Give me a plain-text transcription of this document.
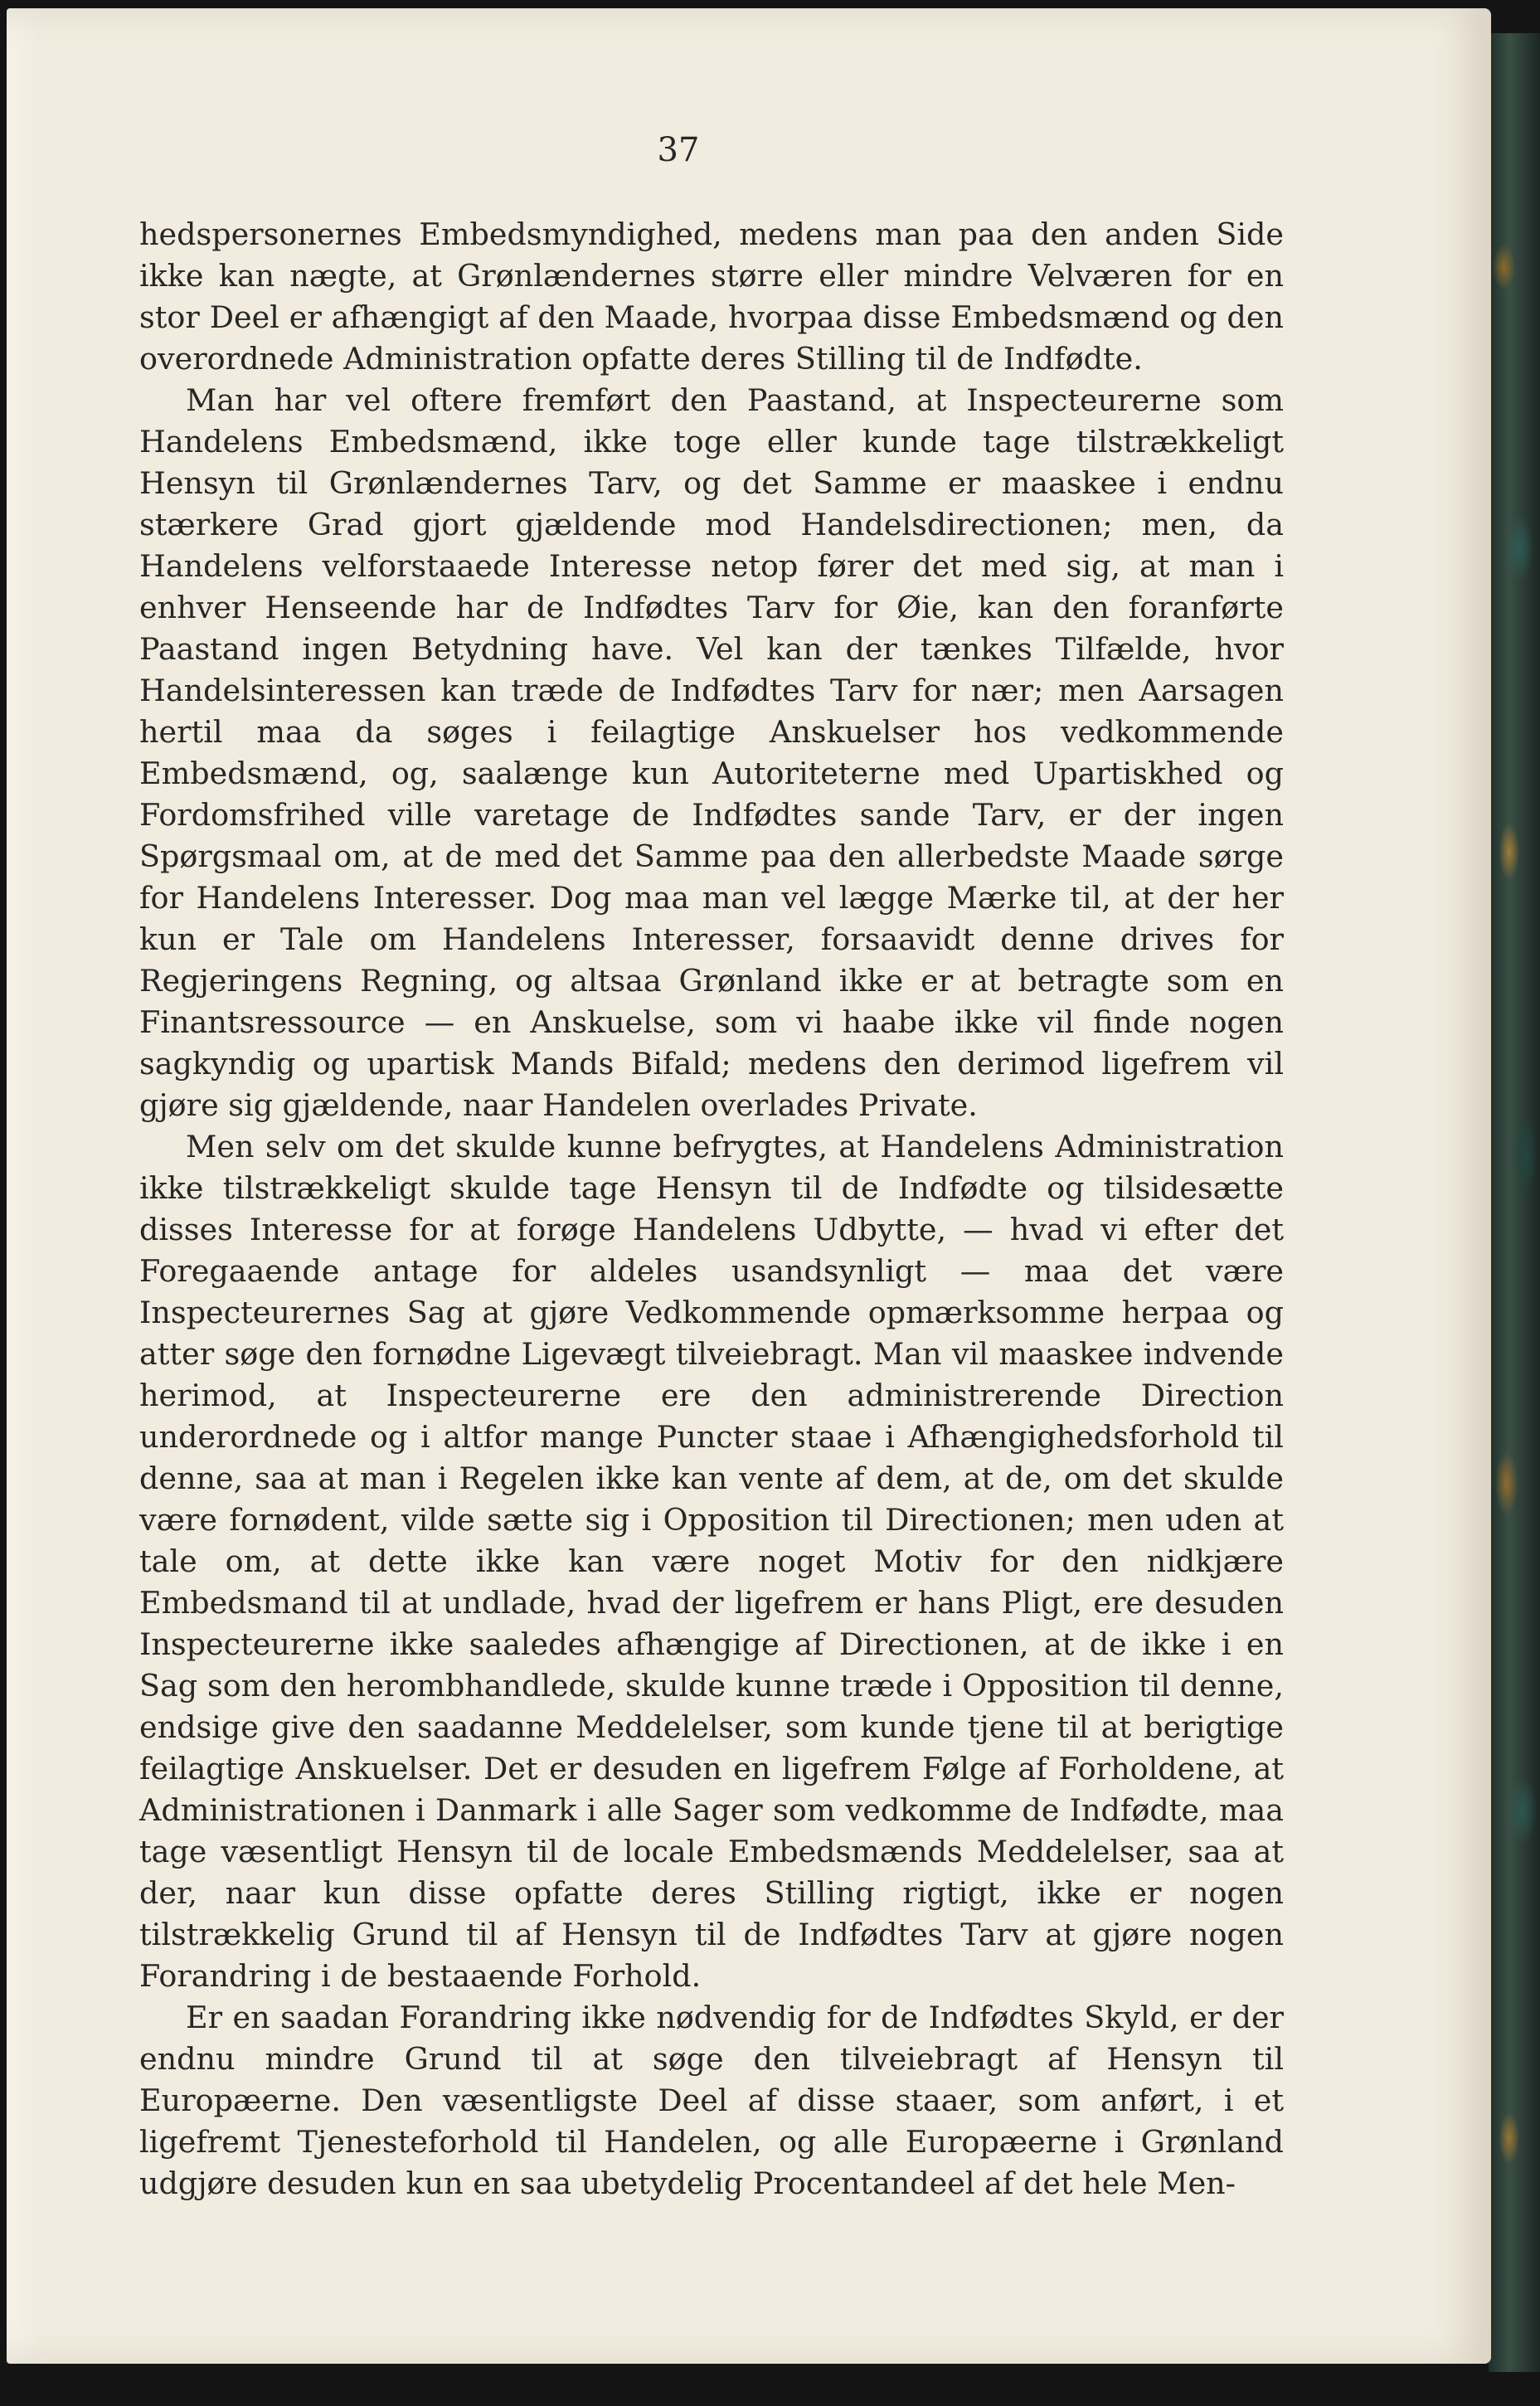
37

hedspersonernes Embedsmyndighed, medens man paa den anden Side ikke kan nægte, at Grønlændernes større eller mindre Velværen for en stor Deel er afhængigt af den Maade, hvorpaa disse Embedsmænd og den overordnede Administration opfatte deres Stilling til de Indfødte.

Man har vel oftere fremført den Paastand, at Inspecteurerne som Handelens Embedsmænd, ikke toge eller kunde tage tilstrækkeligt Hensyn til Grønlændernes Tarv, og det Samme er maaskee i endnu stærkere Grad gjort gjældende mod Handelsdirectionen; men, da Handelens velforstaaede Interesse netop fører det med sig, at man i enhver Henseende har de Indfødtes Tarv for Øie, kan den foranførte Paastand ingen Betydning have. Vel kan der tænkes Tilfælde, hvor Handelsinteressen kan træde de Indfødtes Tarv for nær; men Aarsagen hertil maa da søges i feilagtige Anskuelser hos vedkommende Embedsmænd, og, saalænge kun Autoriteterne med Upartiskhed og Fordomsfrihed ville varetage de Indfødtes sande Tarv, er der ingen Spørgsmaal om, at de med det Samme paa den allerbedste Maade sørge for Handelens Interesser. Dog maa man vel lægge Mærke til, at der her kun er Tale om Handelens Interesser, forsaavidt denne drives for Regjeringens Regning, og altsaa Grønland ikke er at betragte som en Finantsressource — en Anskuelse, som vi haabe ikke vil finde nogen sagkyndig og upartisk Mands Bifald; medens den derimod ligefrem vil gjøre sig gjældende, naar Handelen overlades Private.

Men selv om det skulde kunne befrygtes, at Handelens Administration ikke tilstrækkeligt skulde tage Hensyn til de Indfødte og tilsidesætte disses Interesse for at forøge Handelens Udbytte, — hvad vi efter det Foregaaende antage for aldeles usandsynligt — maa det være Inspecteurernes Sag at gjøre Vedkommende opmærksomme herpaa og atter søge den fornødne Ligevægt tilveiebragt. Man vil maaskee indvende herimod, at Inspecteurerne ere den administrerende Direction underordnede og i altfor mange Puncter staae i Afhængighedsforhold til denne, saa at man i Regelen ikke kan vente af dem, at de, om det skulde være fornødent, vilde sætte sig i Opposition til Directionen; men uden at tale om, at dette ikke kan være noget Motiv for den nidkjære Embedsmand til at undlade, hvad der ligefrem er hans Pligt, ere desuden Inspecteurerne ikke saaledes afhængige af Directionen, at de ikke i en Sag som den herombhandlede, skulde kunne træde i Opposition til denne, endsige give den saadanne Meddelelser, som kunde tjene til at berigtige feilagtige Anskuelser. Det er desuden en ligefrem Følge af Forholdene, at Administrationen i Danmark i alle Sager som vedkomme de Indfødte, maa tage væsentligt Hensyn til de locale Embedsmænds Meddelelser, saa at der, naar kun disse opfatte deres Stilling rigtigt, ikke er nogen tilstrækkelig Grund til af Hensyn til de Indfødtes Tarv at gjøre nogen Forandring i de bestaaende Forhold.

Er en saadan Forandring ikke nødvendig for de Indfødtes Skyld, er der endnu mindre Grund til at søge den tilveiebragt af Hensyn til Europæerne. Den væsentligste Deel af disse staaer, som anført, i et ligefremt Tjenesteforhold til Handelen, og alle Europæerne i Grønland udgjøre desuden kun en saa ubetydelig Procentandeel af det hele Men-
